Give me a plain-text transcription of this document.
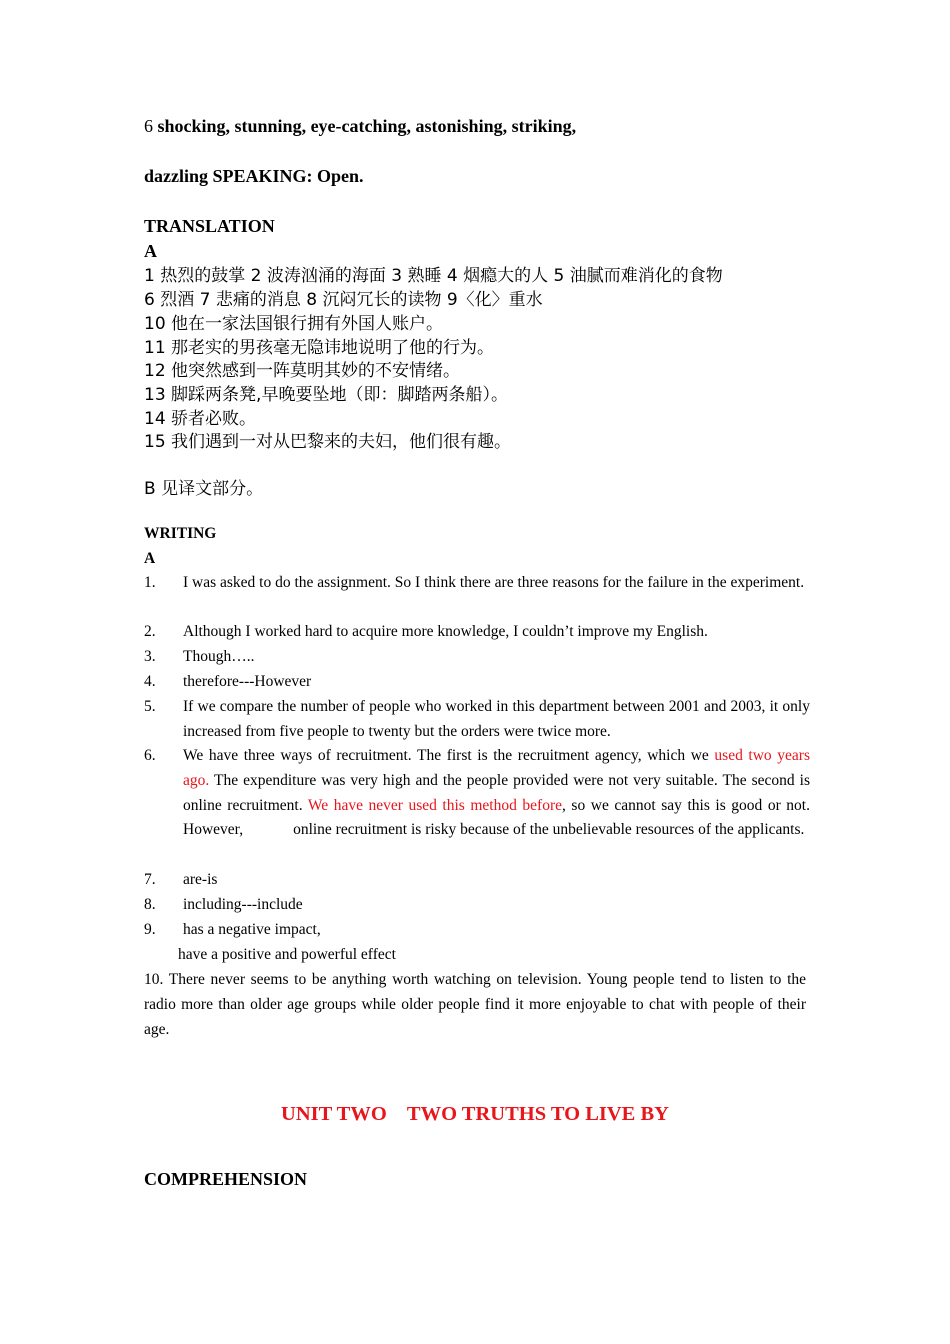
6 shocking, stunning, eye-catching, astonishing, striking,
dazzling SPEAKING: Open.
TRANSLATION
A
1 热烈的鼓掌 2 波涛汹涌的海面 3 熟睡 4 烟瘾大的人 5 油腻而难消化的食物
6 烈酒 7 悲痛的消息 8 沉闷冗长的读物 9〈化〉重水
10 他在一家法国银行拥有外国人账户。
11 那老实的男孩毫无隐讳地说明了他的行为。
12 他突然感到一阵莫明其妙的不安情绪。
13 脚踩两条凳,早晚要坠地（即：脚踏两条船）。
14 骄者必败。
15 我们遇到一对从巴黎来的夫妇，他们很有趣。
B 见译文部分。
WRITING
A
1. I was asked to do the assignment. So I think there are three reasons for the failure in the experiment.
2. Although I worked hard to acquire more knowledge, I couldn’t improve my English.
3. Though…..
4. therefore---However
5. If we compare the number of people who worked in this department between 2001 and 2003, it only increased from five people to twenty but the orders were twice more.
6. We have three ways of recruitment. The first is the recruitment agency, which we used two years ago. The expenditure was very high and the people provided were not very suitable. The second is online recruitment. We have never used this method before, so we cannot say this is good or not. However,	online recruitment is risky because of the unbelievable resources of the applicants.
7. are-is
8. including---include
9. has a negative impact,
have a positive and powerful effect
10. There never seems to be anything worth watching on television. Young people tend to listen to the radio more than older age groups while older people find it more enjoyable to chat with people of their age.
UNIT TWO    TWO TRUTHS TO LIVE BY
COMPREHENSION
